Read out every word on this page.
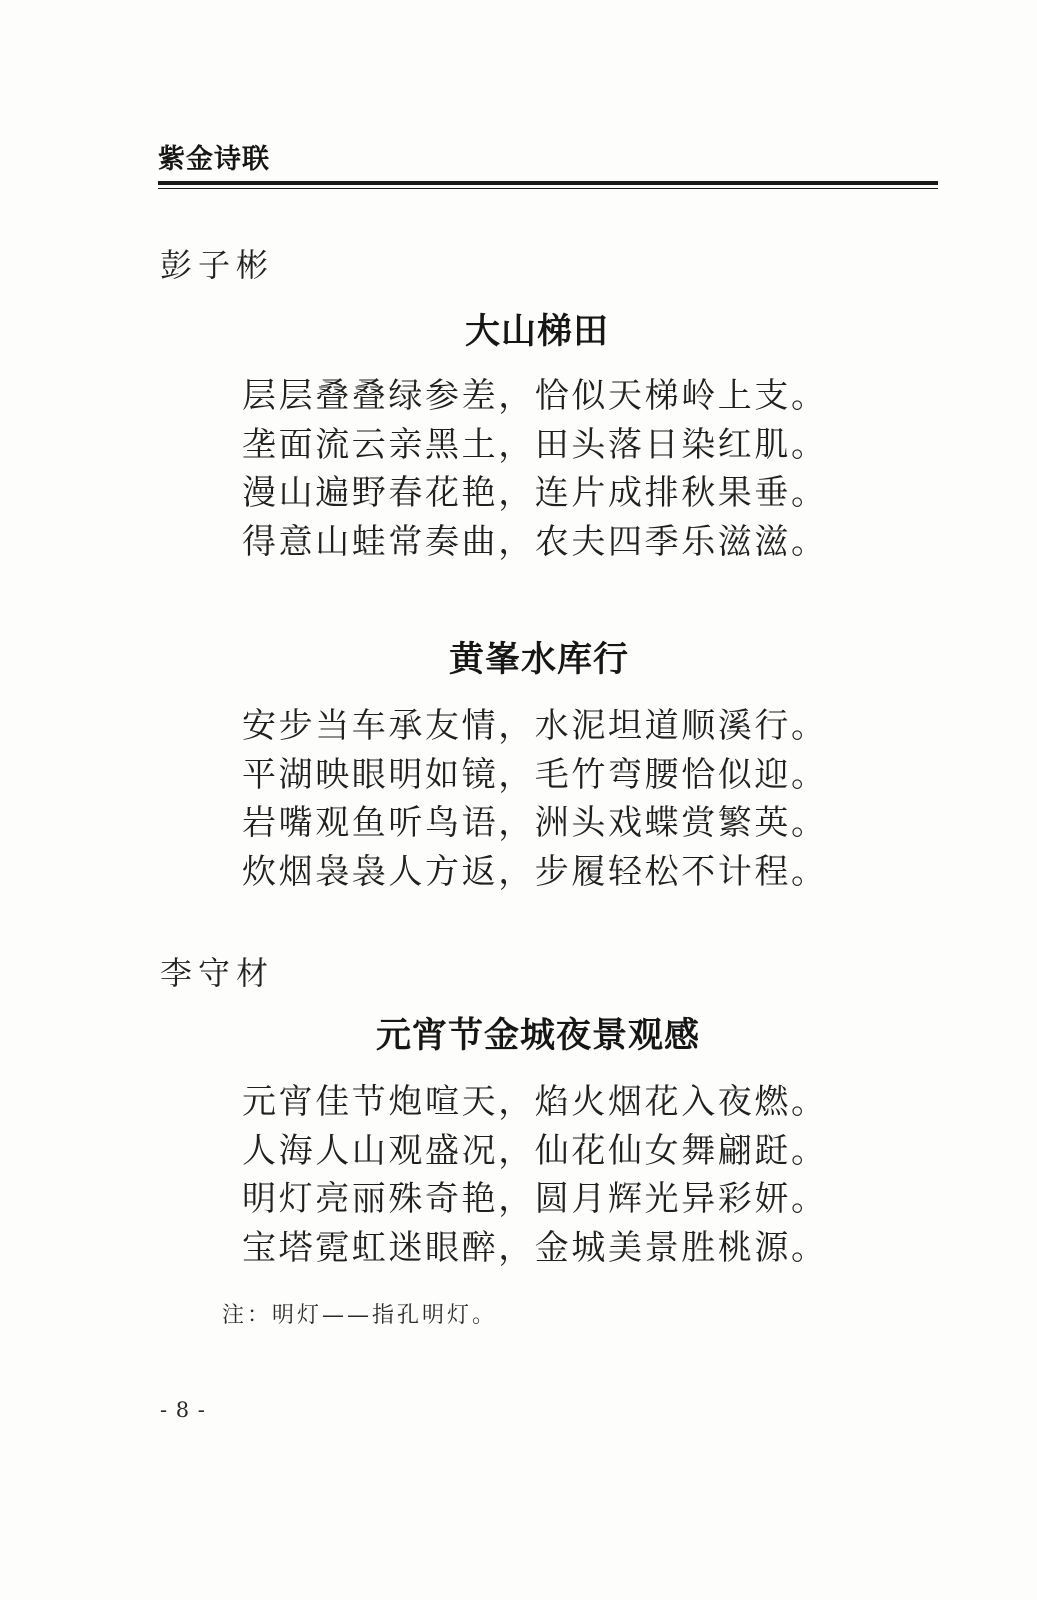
紫金诗联
彭子彬
大山梯田
层层叠叠绿参差，恰似天梯岭上支。
垄面流云亲黑土，田头落日染红肌。
漫山遍野春花艳，连片成排秋果垂。
得意山蛙常奏曲，农夫四季乐滋滋。
黄峯水库行
安步当车承友情，水泥坦道顺溪行。
平湖映眼明如镜，毛竹弯腰恰似迎。
岩嘴观鱼听鸟语，洲头戏蝶赏繁英。
炊烟袅袅人方返，步履轻松不计程。
李守材
元宵节金城夜景观感
元宵佳节炮喧天，焰火烟花入夜燃。
人海人山观盛况，仙花仙女舞翩跹。
明灯亮丽殊奇艳，圆月辉光异彩妍。
宝塔霓虹迷眼醉，金城美景胜桃源。
注：明灯——指孔明灯。
- 8 -
